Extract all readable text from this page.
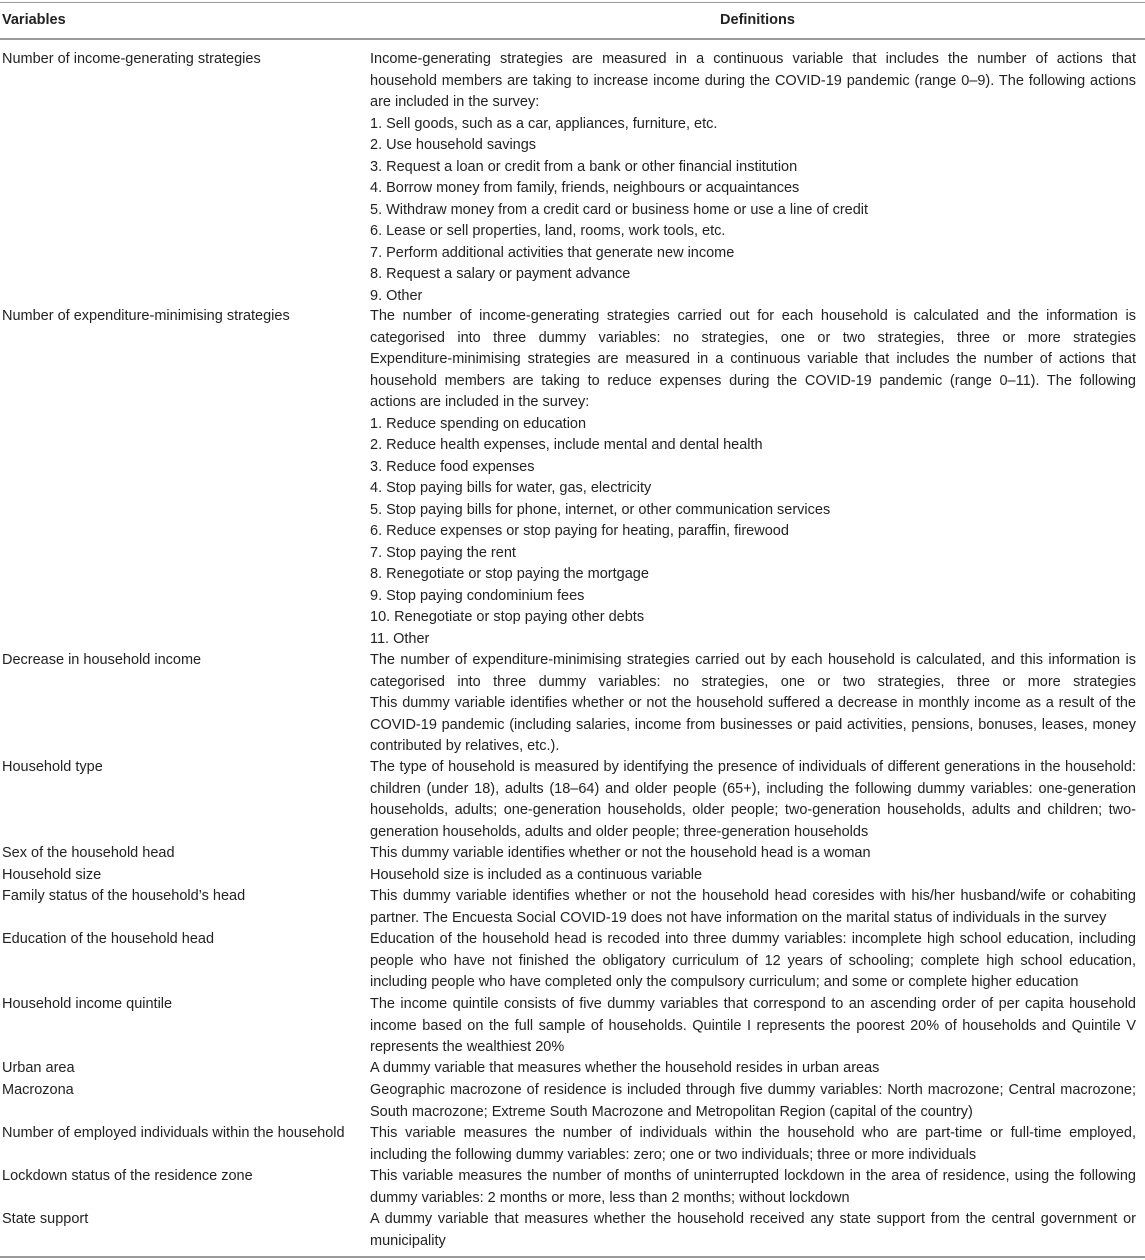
Variables	Definitions
Number of income-generating strategies	Income-generating strategies are measured in a continuous variable that includes the number of actions that
household members are taking to increase income during the COVID-19 pandemic (range 0–9). The following actions
are included in the survey:
1. Sell goods, such as a car, appliances, furniture, etc.
2. Use household savings
3. Request a loan or credit from a bank or other financial institution
4. Borrow money from family, friends, neighbours or acquaintances
5. Withdraw money from a credit card or business home or use a line of credit
6. Lease or sell properties, land, rooms, work tools, etc.
7. Perform additional activities that generate new income
8. Request a salary or payment advance
9. Other
Number of expenditure-minimising strategies	The number of income-generating strategies carried out for each household is calculated and the information is
categorised into three dummy variables: no strategies, one or two strategies, three or more strategies
Expenditure-minimising strategies are measured in a continuous variable that includes the number of actions that
household members are taking to reduce expenses during the COVID-19 pandemic (range 0–11). The following
actions are included in the survey:
1. Reduce spending on education
2. Reduce health expenses, include mental and dental health
3. Reduce food expenses
4. Stop paying bills for water, gas, electricity
5. Stop paying bills for phone, internet, or other communication services
6. Reduce expenses or stop paying for heating, paraffin, firewood
7. Stop paying the rent
8. Renegotiate or stop paying the mortgage
9. Stop paying condominium fees
10. Renegotiate or stop paying other debts
11. Other
Decrease in household income	The number of expenditure-minimising strategies carried out by each household is calculated, and this information is
categorised into three dummy variables: no strategies, one or two strategies, three or more strategies
This dummy variable identifies whether or not the household suffered a decrease in monthly income as a result of the
COVID-19 pandemic (including salaries, income from businesses or paid activities, pensions, bonuses, leases, money
contributed by relatives, etc.).
Household type	The type of household is measured by identifying the presence of individuals of different generations in the household:
children (under 18), adults (18–64) and older people (65+), including the following dummy variables: one-generation
households, adults; one-generation households, older people; two-generation households, adults and children; two-
generation households, adults and older people; three-generation households
Sex of the household head	This dummy variable identifies whether or not the household head is a woman
Household size	Household size is included as a continuous variable
Family status of the household’s head	This dummy variable identifies whether or not the household head coresides with his/her husband/wife or cohabiting
partner. The Encuesta Social COVID-19 does not have information on the marital status of individuals in the survey
Education of the household head	Education of the household head is recoded into three dummy variables: incomplete high school education, including
people who have not finished the obligatory curriculum of 12 years of schooling; complete high school education,
including people who have completed only the compulsory curriculum; and some or complete higher education
Household income quintile	The income quintile consists of five dummy variables that correspond to an ascending order of per capita household
income based on the full sample of households. Quintile I represents the poorest 20% of households and Quintile V
represents the wealthiest 20%
Urban area	A dummy variable that measures whether the household resides in urban areas
Macrozona	Geographic macrozone of residence is included through five dummy variables: North macrozone; Central macrozone;
South macrozone; Extreme South Macrozone and Metropolitan Region (capital of the country)
Number of employed individuals within the household	This variable measures the number of individuals within the household who are part-time or full-time employed,
including the following dummy variables: zero; one or two individuals; three or more individuals
Lockdown status of the residence zone	This variable measures the number of months of uninterrupted lockdown in the area of residence, using the following
dummy variables: 2 months or more, less than 2 months; without lockdown
State support	A dummy variable that measures whether the household received any state support from the central government or
municipality
